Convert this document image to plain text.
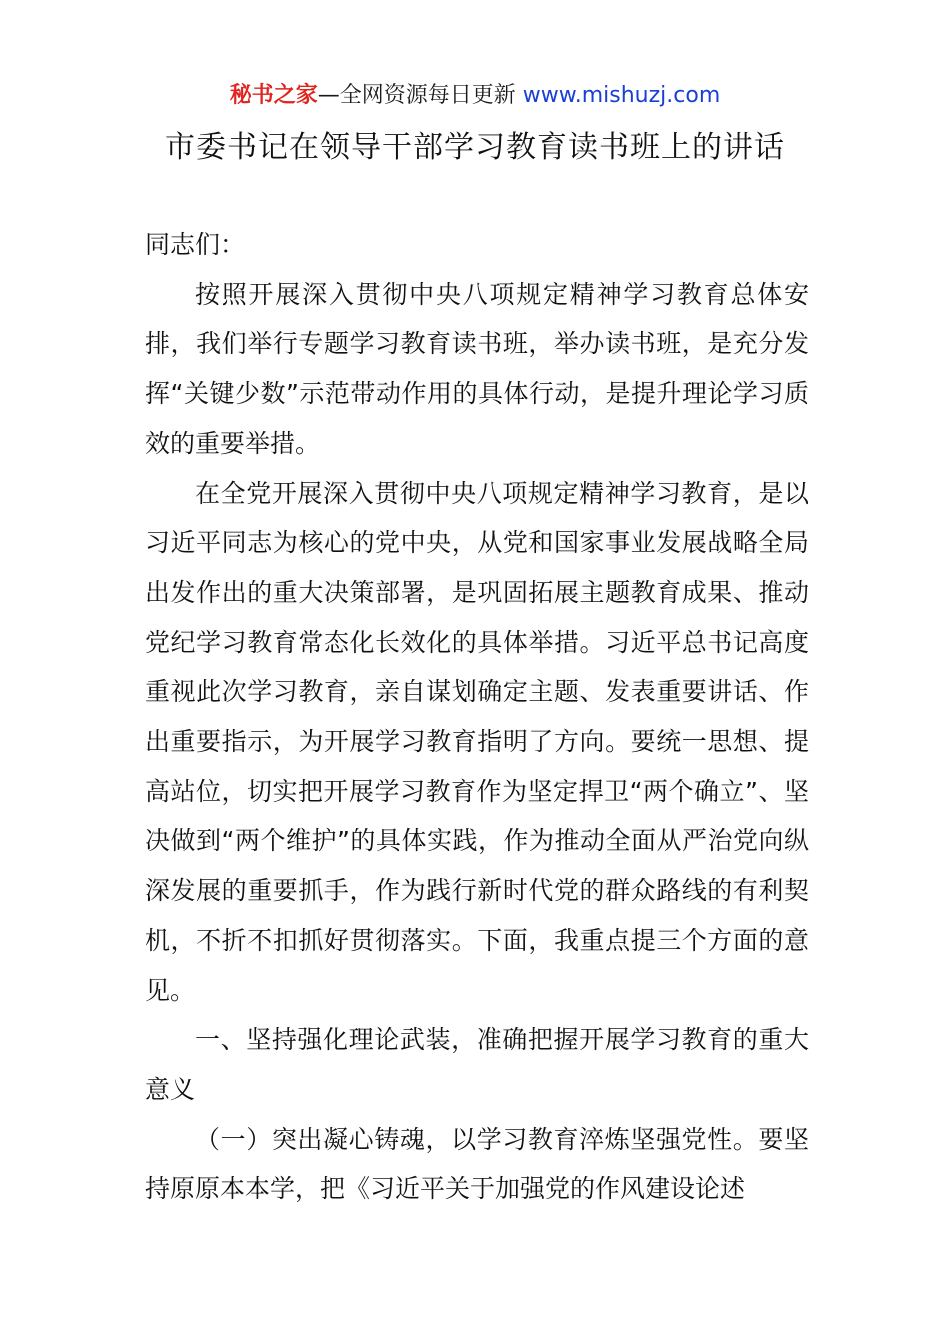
秘书之家—全网资源每日更新 www.mishuzj.com
市委书记在领导干部学习教育读书班上的讲话

同志们：

按照开展深入贯彻中央八项规定精神学习教育总体安排，我们举行专题学习教育读书班，举办读书班，是充分发挥“关键少数”示范带动作用的具体行动，是提升理论学习质效的重要举措。

在全党开展深入贯彻中央八项规定精神学习教育，是以习近平同志为核心的党中央，从党和国家事业发展战略全局出发作出的重大决策部署，是巩固拓展主题教育成果、推动党纪学习教育常态化长效化的具体举措。习近平总书记高度重视此次学习教育，亲自谋划确定主题、发表重要讲话、作出重要指示，为开展学习教育指明了方向。要统一思想、提高站位，切实把开展学习教育作为坚定捍卫“两个确立”、坚决做到“两个维护”的具体实践，作为推动全面从严治党向纵深发展的重要抓手，作为践行新时代党的群众路线的有利契机，不折不扣抓好贯彻落实。下面，我重点提三个方面的意见。

一、坚持强化理论武装，准确把握开展学习教育的重大意义

（一）突出凝心铸魂，以学习教育淬炼坚强党性。要坚持原原本本学，把《习近平关于加强党的作风建设论述
